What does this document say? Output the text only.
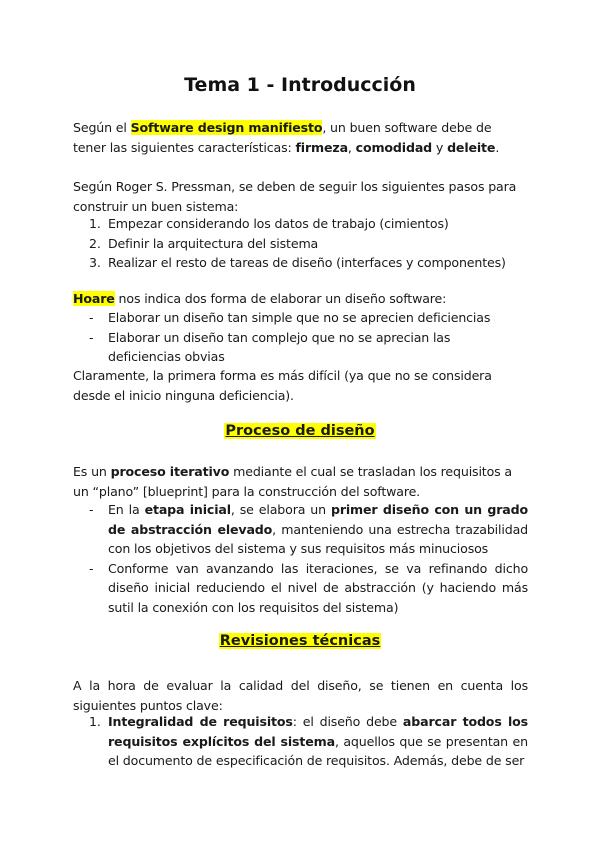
Tema 1 - Introducción

Según el Software design manifiesto, un buen software debe de tener las siguientes características: firmeza, comodidad y deleite.

Según Roger S. Pressman, se deben de seguir los siguientes pasos para construir un buen sistema:

1. Empezar considerando los datos de trabajo (cimientos)
2. Definir la arquitectura del sistema
3. Realizar el resto de tareas de diseño (interfaces y componentes)

Hoare nos indica dos forma de elaborar un diseño software:

- Elaborar un diseño tan simple que no se aprecien deficiencias
- Elaborar un diseño tan complejo que no se aprecian las deficiencias obvias

Claramente, la primera forma es más difícil (ya que no se considera desde el inicio ninguna deficiencia).

Proceso de diseño

Es un proceso iterativo mediante el cual se trasladan los requisitos a un “plano” [blueprint] para la construcción del software.

- En la etapa inicial, se elabora un primer diseño con un grado de abstracción elevado, manteniendo una estrecha trazabilidad con los objetivos del sistema y sus requisitos más minuciosos
- Conforme van avanzando las iteraciones, se va refinando dicho diseño inicial reduciendo el nivel de abstracción (y haciendo más sutil la conexión con los requisitos del sistema)
Revisiones técnicas

A la hora de evaluar la calidad del diseño, se tienen en cuenta los siguientes puntos clave:

1. Integralidad de requisitos: el diseño debe abarcar todos los requisitos explícitos del sistema, aquellos que se presentan en el documento de especificación de requisitos. Además, debe de ser
